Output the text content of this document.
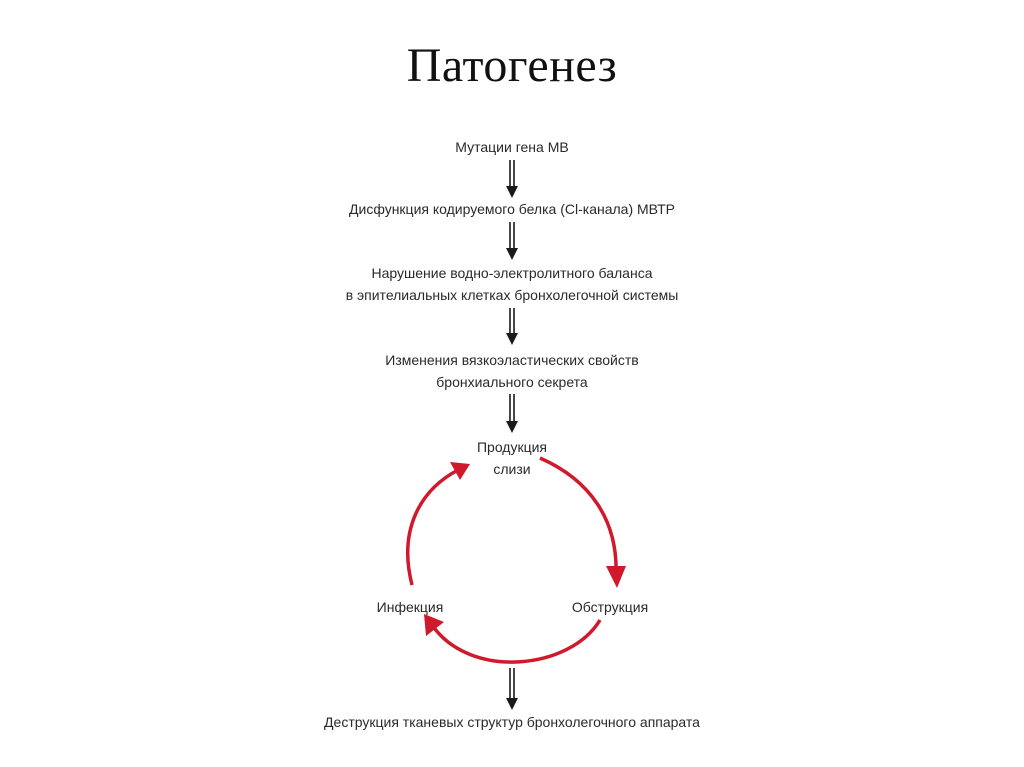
Патогенез
Мутации гена МВ
Дисфункция кодируемого белка (Cl-канала) МВТР
Нарушение водно-электролитного баланса
в эпителиальных клетках бронхолегочной системы
Изменения вязкоэластических свойств
бронхиального секрета
Продукция
слизи
Обструкция
Инфекция
Деструкция тканевых структур бронхолегочного аппарата
